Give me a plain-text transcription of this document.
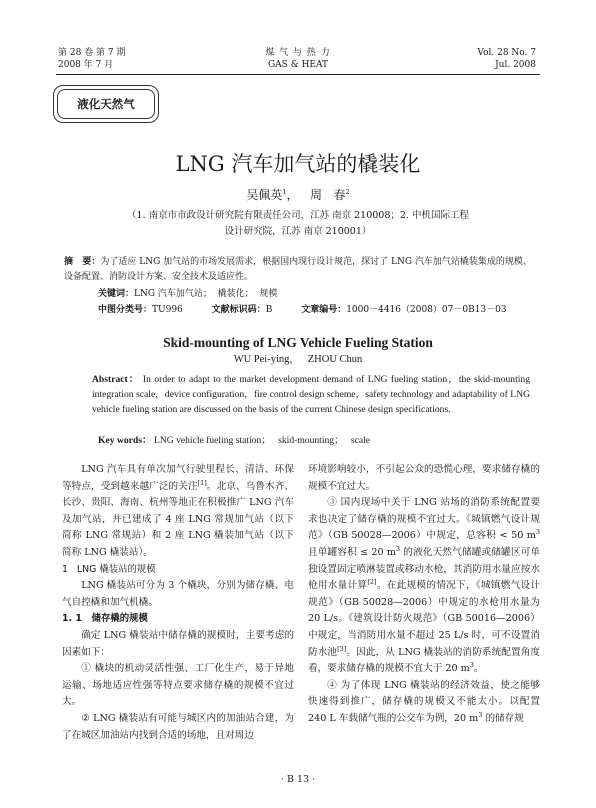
第 28 卷 第 7 期
2008 年 7 月
煤 气 与 热 力
GAS & HEAT
Vol. 28 No. 7
Jul. 2008
液化天然气
LNG 汽车加气站的橇装化
吴佩英$^1$，   周   春$^2$
（1. 南京市市政设计研究院有限责任公司，江苏 南京 210008；2. 中机国际工程
设计研究院，江苏 南京 210001）
摘   要：为了适应 LNG 加气站的市场发展需求，根据国内现行设计规范，探讨了 LNG 汽车加气站橇装集成的规模、设备配置、消防设计方案、安全技术及适应性。
关键词：LNG 汽车加气站；  橇装化；  规模
中图分类号：TU996	文献标识码：B	文章编号：1000－4416（2008）07－0B13－03
Skid-mounting of LNG Vehicle Fueling Station
WU Pei-ying，   ZHOU Chun
Abstract： In order to adapt to the market development demand of LNG fueling station，the skid-mounting integration scale，device configuration，fire control design scheme，safety technology and adaptability of LNG vehicle fueling station are discussed on the basis of the current Chinese design specifications.
Key words： LNG vehicle fueling station；   skid-mounting；   scale

LNG 汽车具有单次加气行驶里程长、清洁、环保等特点，受到越来越广泛的关注[1]。北京、乌鲁木齐、长沙、贵阳、海南、杭州等地正在积极推广 LNG 汽车及加气站，并已建成了 4 座 LNG 常规加气站（以下简称 LNG 常规站）和 2 座 LNG 橇装加气站（以下简称 LNG 橇装站）。

1   LNG 橇装站的规模

LNG 橇装站可分为 3 个橇块，分别为储存橇、电气自控橇和加气机橇。

1. 1   储存橇的规模

确定 LNG 橇装站中储存橇的规模时，主要考虑的因素如下：

① 橇块的机动灵活性强、工厂化生产，易于异地运输、场地适应性强等特点要求储存橇的规模不宜过大。

② LNG 橇装站有可能与城区内的加油站合建，为了在城区加油站内找到合适的场地，且对周边

环境影响较小，不引起公众的恐慌心理，要求储存橇的规模不宜过大。

③ 国内现场中关于 LNG 站场的消防系统配置要求也决定了储存橇的规模不宜过大。《城镇燃气设计规范》（GB 50028—2006）中规定，总容积 < 50 $m^3$ 且单罐容积 ≤ 20 $m^3$ 的液化天然气储罐或储罐区可单独设置固定喷淋装置或移动水枪，其消防用水量应按水枪用水量计算[2]。在此规模的情况下，《城镇燃气设计规范》（GB 50028—2006）中规定的水枪用水量为 20 L/s。《建筑设计防火规范》（GB 50016—2006）中规定，当消防用水量不超过 25 L/s 时，可不设置消防水池[3]。因此，从 LNG 橇装站的消防系统配置角度看，要求储存橇的规模不宜大于 20 $m^3$。

④ 为了体现 LNG 橇装站的经济效益，使之能够快速得到推广，储存橇的规模又不能太小。以配置 240 L 车载储气瓶的公交车为例，20 $m^3$ 的储存规

· B 13 ·
